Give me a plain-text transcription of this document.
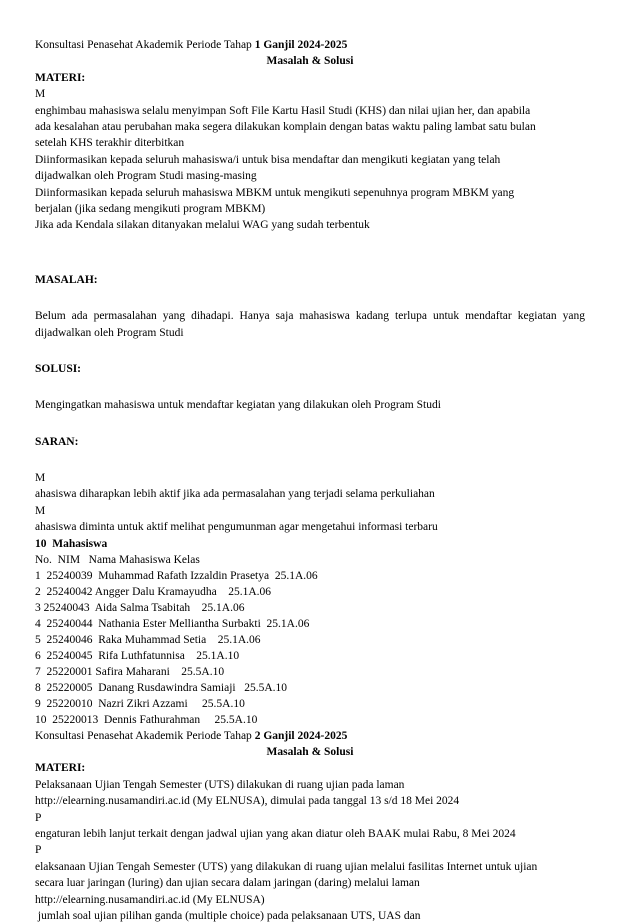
Konsultasi Penasehat Akademik Periode Tahap 1 Ganjil 2024-2025
Masalah & Solusi
MATERI:
M
enghimbau mahasiswa selalu menyimpan Soft File Kartu Hasil Studi (KHS) dan nilai ujian her, dan apabila
ada kesalahan atau perubahan maka segera dilakukan komplain dengan batas waktu paling lambat satu bulan
setelah KHS terakhir diterbitkan
Diinformasikan kepada seluruh mahasiswa/i untuk bisa mendaftar dan mengikuti kegiatan yang telah
dijadwalkan oleh Program Studi masing-masing
Diinformasikan kepada seluruh mahasiswa MBKM untuk mengikuti sepenuhnya program MBKM yang
berjalan (jika sedang mengikuti program MBKM)
Jika ada Kendala silakan ditanyakan melalui WAG yang sudah terbentuk
MASALAH:
Belum ada permasalahan yang dihadapi. Hanya saja mahasiswa kadang terlupa untuk mendaftar kegiatan yang dijadwalkan oleh Program Studi
SOLUSI:
Mengingatkan mahasiswa untuk mendaftar kegiatan yang dilakukan oleh Program Studi
SARAN:
M
ahasiswa diharapkan lebih aktif jika ada permasalahan yang terjadi selama perkuliahan
M
ahasiswa diminta untuk aktif melihat pengumunman agar mengetahui informasi terbaru
10  Mahasiswa
No.  NIM   Nama Mahasiswa Kelas
1  25240039  Muhammad Rafath Izzaldin Prasetya  25.1A.06
2  25240042 Angger Dalu Kramayudha    25.1A.06
3 25240043  Aida Salma Tsabitah    25.1A.06
4  25240044  Nathania Ester Melliantha Surbakti  25.1A.06
5  25240046  Raka Muhammad Setia    25.1A.06
6  25240045  Rifa Luthfatunnisa    25.1A.10
7  25220001 Safira Maharani    25.5A.10
8  25220005  Danang Rusdawindra Samiaji   25.5A.10
9  25220010  Nazri Zikri Azzami     25.5A.10
10  25220013  Dennis Fathurahman     25.5A.10
Konsultasi Penasehat Akademik Periode Tahap 2 Ganjil 2024-2025
Masalah & Solusi
MATERI:
Pelaksanaan Ujian Tengah Semester (UTS) dilakukan di ruang ujian pada laman
http://elearning.nusamandiri.ac.id (My ELNUSA), dimulai pada tanggal 13 s/d 18 Mei 2024
P
engaturan lebih lanjut terkait dengan jadwal ujian yang akan diatur oleh BAAK mulai Rabu, 8 Mei 2024
P
elaksanaan Ujian Tengah Semester (UTS) yang dilakukan di ruang ujian melalui fasilitas Internet untuk ujian
secara luar jaringan (luring) dan ujian secara dalam jaringan (daring) melalui laman
http://elearning.nusamandiri.ac.id (My ELNUSA)
jumlah soal ujian pilihan ganda (multiple choice) pada pelaksanaan UTS, UAS dan
